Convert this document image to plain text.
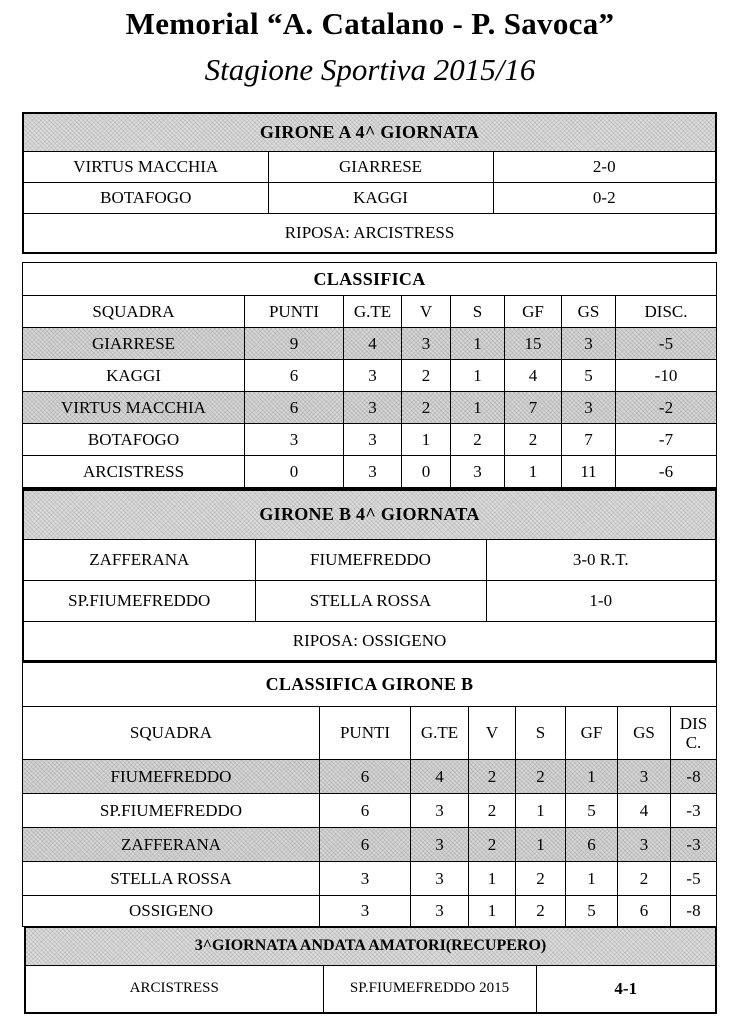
Memorial “A. Catalano - P. Savoca”
Stagione Sportiva 2015/16
GIRONE A 4^ GIORNATA		
VIRTUS MACCHIA	GIARRESE	2-0
BOTAFOGO	KAGGI	0-2
RIPOSA: ARCISTRESS		
CLASSIFICA							
SQUADRA	PUNTI	G.TE	V	S	GF	GS	DISC.
GIARRESE	9	4	3	1	15	3	-5
KAGGI	6	3	2	1	4	5	-10
VIRTUS MACCHIA	6	3	2	1	7	3	-2
BOTAFOGO	3	3	1	2	2	7	-7
ARCISTRESS	0	3	0	3	1	11	-6
GIRONE B 4^ GIORNATA		
ZAFFERANA	FIUMEFREDDO	3-0 R.T.
SP.FIUMEFREDDO	STELLA ROSSA	1-0
RIPOSA: OSSIGENO		
CLASSIFICA GIRONE B							
SQUADRA	PUNTI	G.TE	V	S	GF	GS	DIS
C.

FIUMEFREDDO	6	4	2	2	1	3	-8
SP.FIUMEFREDDO	6	3	2	1	5	4	-3
ZAFFERANA	6	3	2	1	6	3	-3
STELLA ROSSA	3	3	1	2	1	2	-5
OSSIGENO	3	3	1	2	5	6	-8
3^GIORNATA ANDATA AMATORI(RECUPERO)
ARCISTRESS	SP.FIUMEFREDDO 2015	4-1
